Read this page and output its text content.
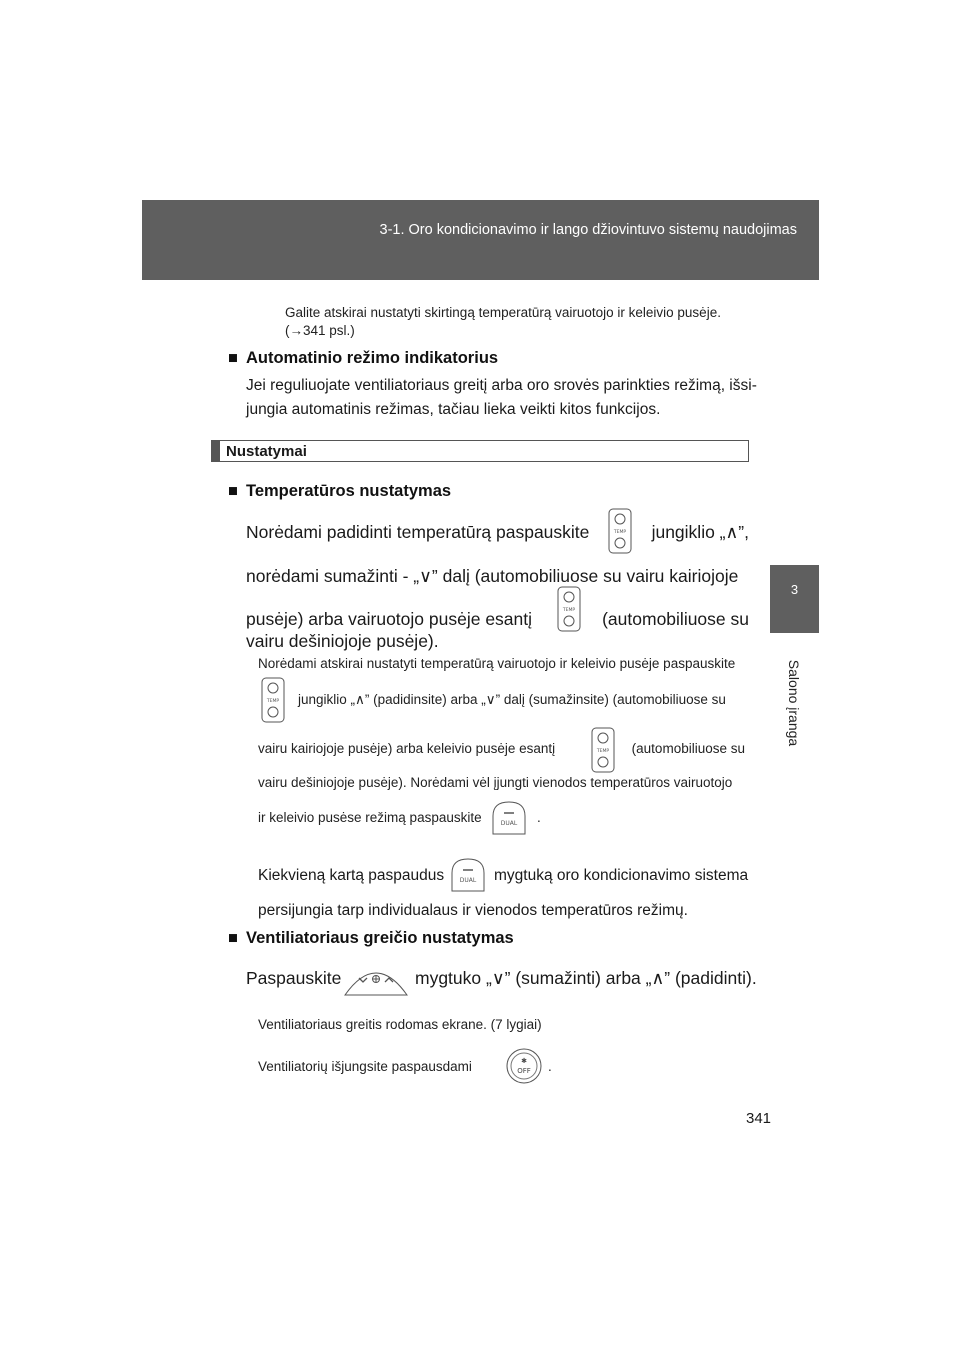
3-1. Oro kondicionavimo ir lango džiovintuvo sistemų naudojimas
3
Salono įranga

Galite atskirai nustatyti skirtingą temperatūrą vairuotojo ir keleivio pusėje.

(→341 psl.)

■ Automatinio režimo indikatorius

Jei reguliuojate ventiliatoriaus greitį arba oro srovės parinkties režimą, išsi-

jungia automatinis režimas, tačiau lieka veikti kitos funkcijos.

Nustatymai

■ Temperatūros nustatymas

Norėdami padidinti temperatūrą paspauskite	TEMP jungiklio „∧”,

norėdami sumažinti - „∨” dalį (automobiliuose su vairu kairiojoje

pusėje) arba vairuotojo pusėje esantį	TEMP (automobiliuose su

vairu dešiniojoje pusėje).

Norėdami atskirai nustatyti temperatūrą vairuotojo ir keleivio pusėje paspauskite

TEMP jungiklio „∧” (padidinsite) arba „∨” dalį (sumažinsite) (automobiliuose su

vairu kairiojoje pusėje) arba keleivio pusėje esantį	TEMP (automobiliuose su

vairu dešiniojoje pusėje). Norėdami vėl įjungti vienodos temperatūros vairuotojo

ir keleivio pusėse režimą paspauskite	DUAL .

Kiekvieną kartą paspaudus	DUAL mygtuką oro kondicionavimo sistema

persijungia tarp individualaus ir vienodos temperatūros režimų.

■ Ventiliatoriaus greičio nustatymas

Paspauskite	mygtuko „∨” (sumažinti) arba „∧” (padidinti).

Ventiliatoriaus greitis rodomas ekrane. (7 lygiai)

Ventiliatorių išjungsite paspausdami	✱
OFF .

341
